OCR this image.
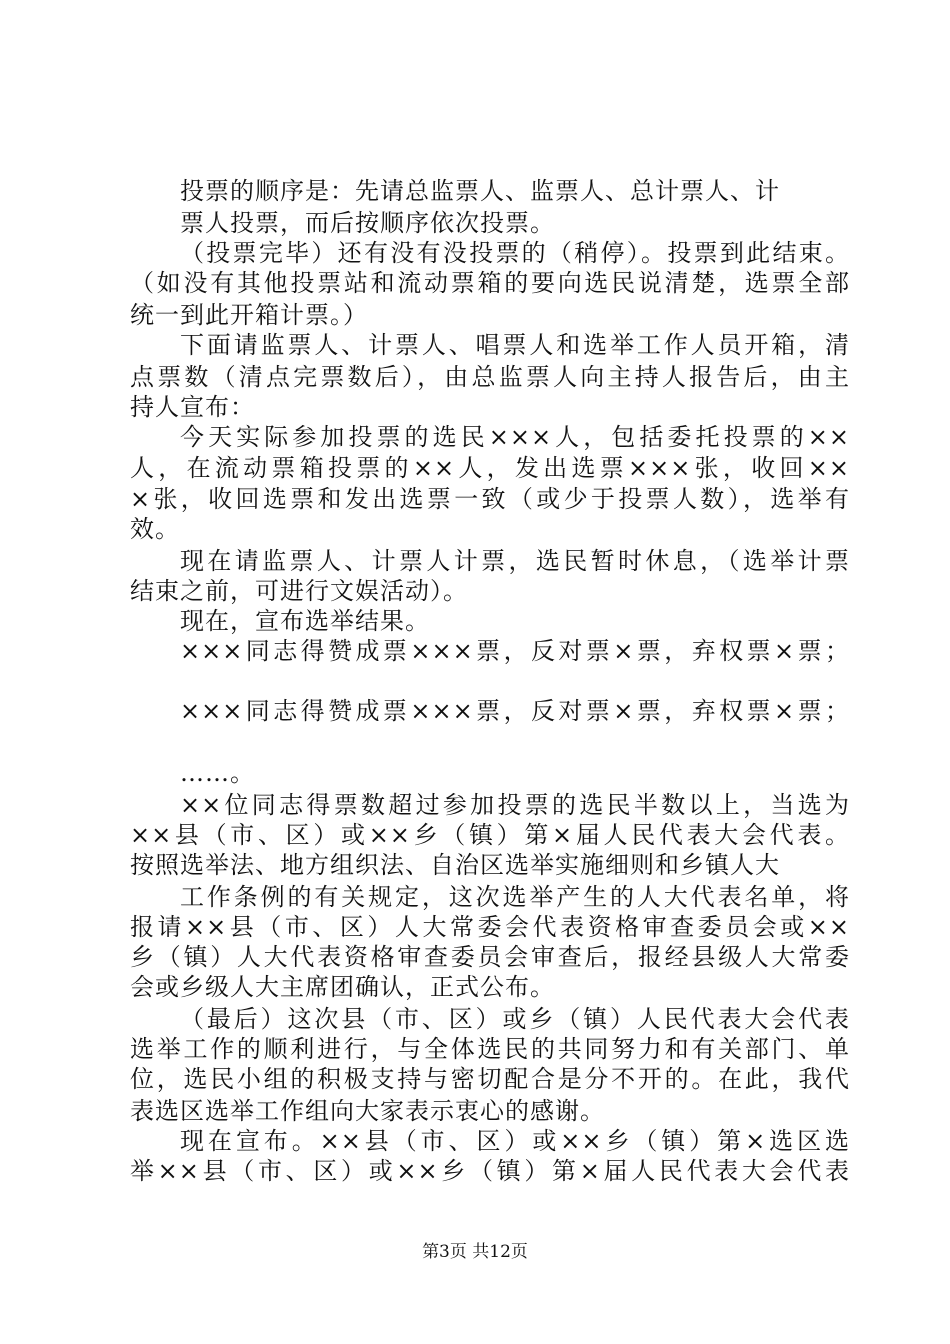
投票的顺序是：先请总监票人、监票人、总计票人、计
票人投票，而后按顺序依次投票。
（投票完毕）还有没有没投票的（稍停）。投票到此结束。
（如没有其他投票站和流动票箱的要向选民说清楚，选票全部
统一到此开箱计票。）
下面请监票人、计票人、唱票人和选举工作人员开箱，清
点票数（清点完票数后），由总监票人向主持人报告后，由主
持人宣布：
今天实际参加投票的选民×××人，包括委托投票的××
人，在流动票箱投票的××人，发出选票×××张，收回××
×张，收回选票和发出选票一致（或少于投票人数），选举有
效。
现在请监票人、计票人计票，选民暂时休息，（选举计票
结束之前，可进行文娱活动）。
现在，宣布选举结果。
×××同志得赞成票×××票，反对票×票，弃权票×票；
×××同志得赞成票×××票，反对票×票，弃权票×票；
……。
××位同志得票数超过参加投票的选民半数以上，当选为
××县（市、区）或××乡（镇）第×届人民代表大会代表。
按照选举法、地方组织法、自治区选举实施细则和乡镇人大
工作条例的有关规定，这次选举产生的人大代表名单，将
报请××县（市、区）人大常委会代表资格审查委员会或××
乡（镇）人大代表资格审查委员会审查后，报经县级人大常委
会或乡级人大主席团确认，正式公布。
（最后）这次县（市、区）或乡（镇）人民代表大会代表
选举工作的顺利进行，与全体选民的共同努力和有关部门、单
位，选民小组的积极支持与密切配合是分不开的。在此，我代
表选区选举工作组向大家表示衷心的感谢。
现在宣布。××县（市、区）或××乡（镇）第×选区选
举××县（市、区）或××乡（镇）第×届人民代表大会代表
第3页 共12页
